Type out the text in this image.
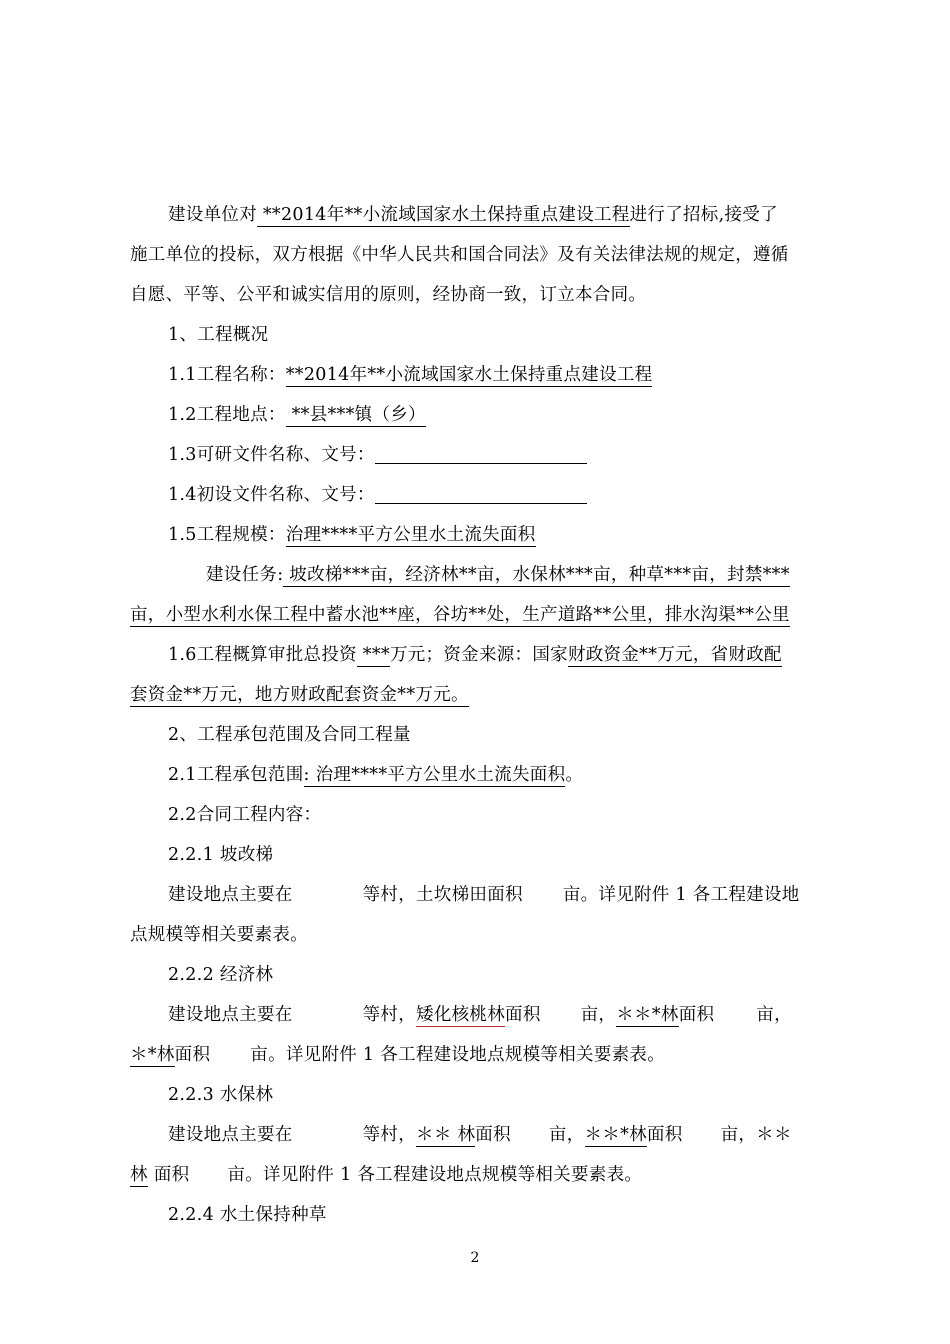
建设单位对 **2014年**小流域国家水土保持重点建设工程进行了招标,接受了
施工单位的投标，双方根据《中华人民共和国合同法》及有关法律法规的规定，遵循
自愿、平等、公平和诚实信用的原则，经协商一致，订立本合同。
1、工程概况
1.1工程名称：**2014年**小流域国家水土保持重点建设工程
1.2工程地点： **县***镇（乡）
1.3可研文件名称、文号：
1.4初设文件名称、文号：
1.5工程规模：治理****平方公里水土流失面积
建设任务: 坡改梯***亩，经济林**亩，水保林***亩，种草***亩，封禁***
亩，小型水利水保工程中蓄水池**座，谷坊**处，生产道路**公里，排水沟渠**公里
1.6工程概算审批总投资 ***万元；资金来源：国家财政资金**万元，省财政配
套资金**万元，地方财政配套资金**万元。
2、工程承包范围及合同工程量
2.1工程承包范围: 治理****平方公里水土流失面积。
2.2合同工程内容：
2.2.1 坡改梯
建设地点主要在	等村，土坎梯田面积 亩。详见附件 1 各工程建设地
点规模等相关要素表。
2.2.2 经济林
建设地点主要在	等村，矮化核桃林面积 亩，＊＊*林面积 亩，
＊*林面积 亩。详见附件 1 各工程建设地点规模等相关要素表。
2.2.3 水保林
建设地点主要在	等村，＊＊ 林面积 亩，＊＊*林面积 亩，＊＊
林 面积 亩。详见附件 1 各工程建设地点规模等相关要素表。
2.2.4 水土保持种草
2
